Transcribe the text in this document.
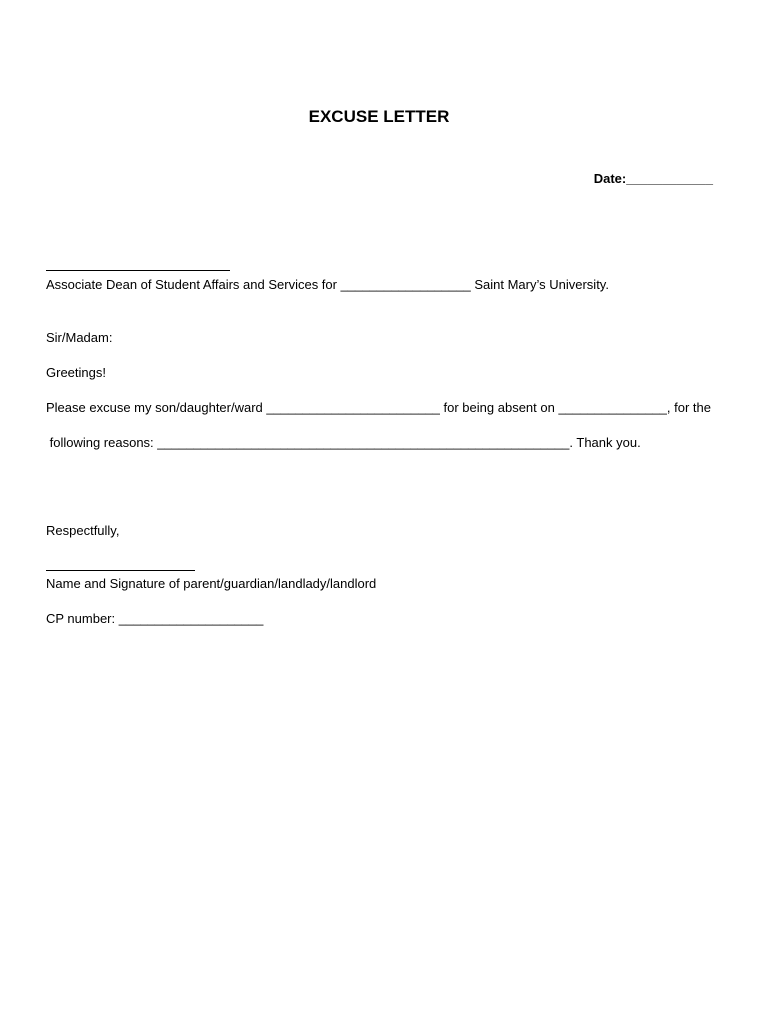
EXCUSE LETTER
Date:____________
Associate Dean of Student Affairs and Services for __________________ Saint Mary’s University.
Sir/Madam:
Greetings!
Please excuse my son/daughter/ward ________________________ for being absent on _______________, for the
following reasons: _________________________________________________________. Thank you.
Respectfully,
Name and Signature of parent/guardian/landlady/landlord
CP number: ____________________
